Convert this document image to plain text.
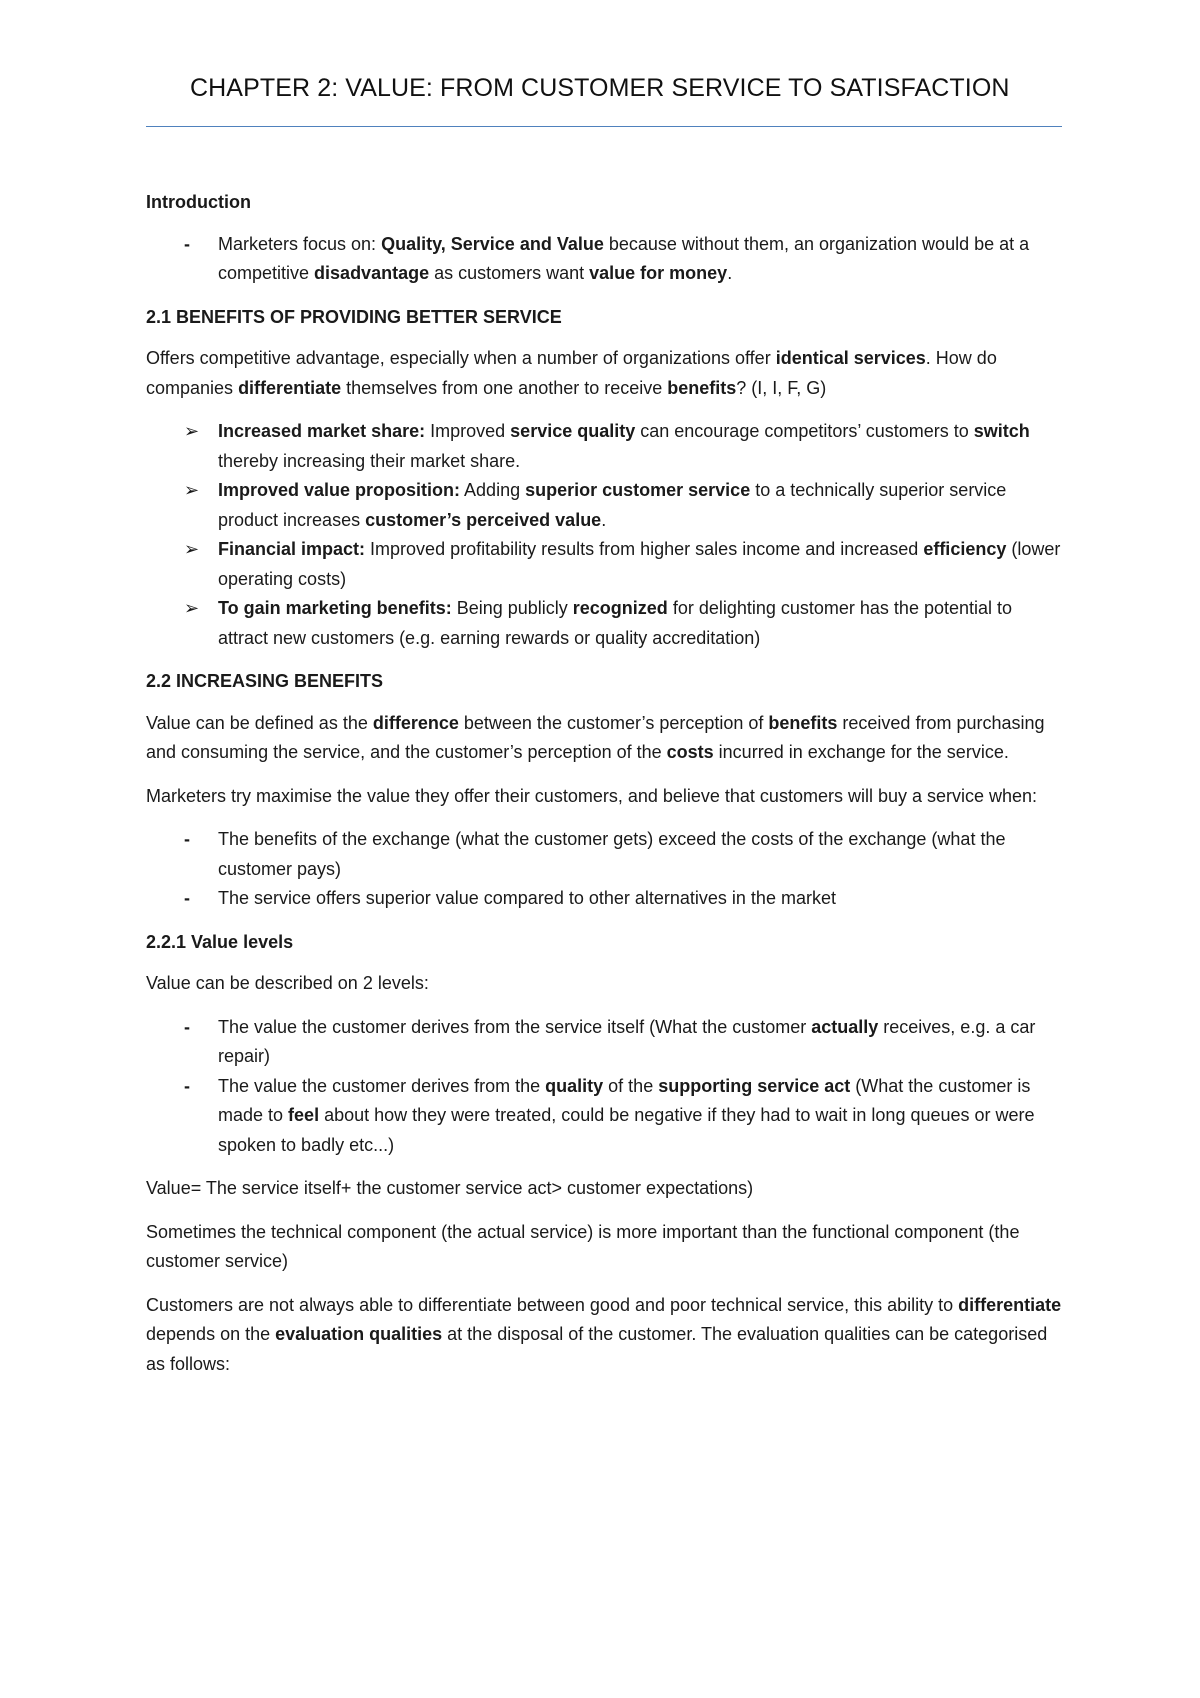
CHAPTER 2: VALUE: FROM CUSTOMER SERVICE TO SATISFACTION

Introduction

- Marketers focus on: Quality, Service and Value because without them, an organization would be at a competitive disadvantage as customers want value for money.

2.1 BENEFITS OF PROVIDING BETTER SERVICE

Offers competitive advantage, especially when a number of organizations offer identical services. How do companies differentiate themselves from one another to receive benefits? (I, I, F, G)

➢ Increased market share: Improved service quality can encourage competitors’ customers to switch thereby increasing their market share.
➢ Improved value proposition: Adding superior customer service to a technically superior service product increases customer’s perceived value.
➢ Financial impact: Improved profitability results from higher sales income and increased efficiency (lower operating costs)
➢ To gain marketing benefits: Being publicly recognized for delighting customer has the potential to attract new customers (e.g. earning rewards or quality accreditation)

2.2 INCREASING BENEFITS

Value can be defined as the difference between the customer’s perception of benefits received from purchasing and consuming the service, and the customer’s perception of the costs incurred in exchange for the service.

Marketers try maximise the value they offer their customers, and believe that customers will buy a service when:

- The benefits of the exchange (what the customer gets) exceed the costs of the exchange (what the customer pays)
- The service offers superior value compared to other alternatives in the market

2.2.1 Value levels

Value can be described on 2 levels:

- The value the customer derives from the service itself (What the customer actually receives, e.g. a car repair)
- The value the customer derives from the quality of the supporting service act (What the customer is made to feel about how they were treated, could be negative if they had to wait in long queues or were spoken to badly etc...)

Value= The service itself+ the customer service act> customer expectations)

Sometimes the technical component (the actual service) is more important than the functional component (the customer service)

Customers are not always able to differentiate between good and poor technical service, this ability to differentiate depends on the evaluation qualities at the disposal of the customer. The evaluation qualities can be categorised as follows:
